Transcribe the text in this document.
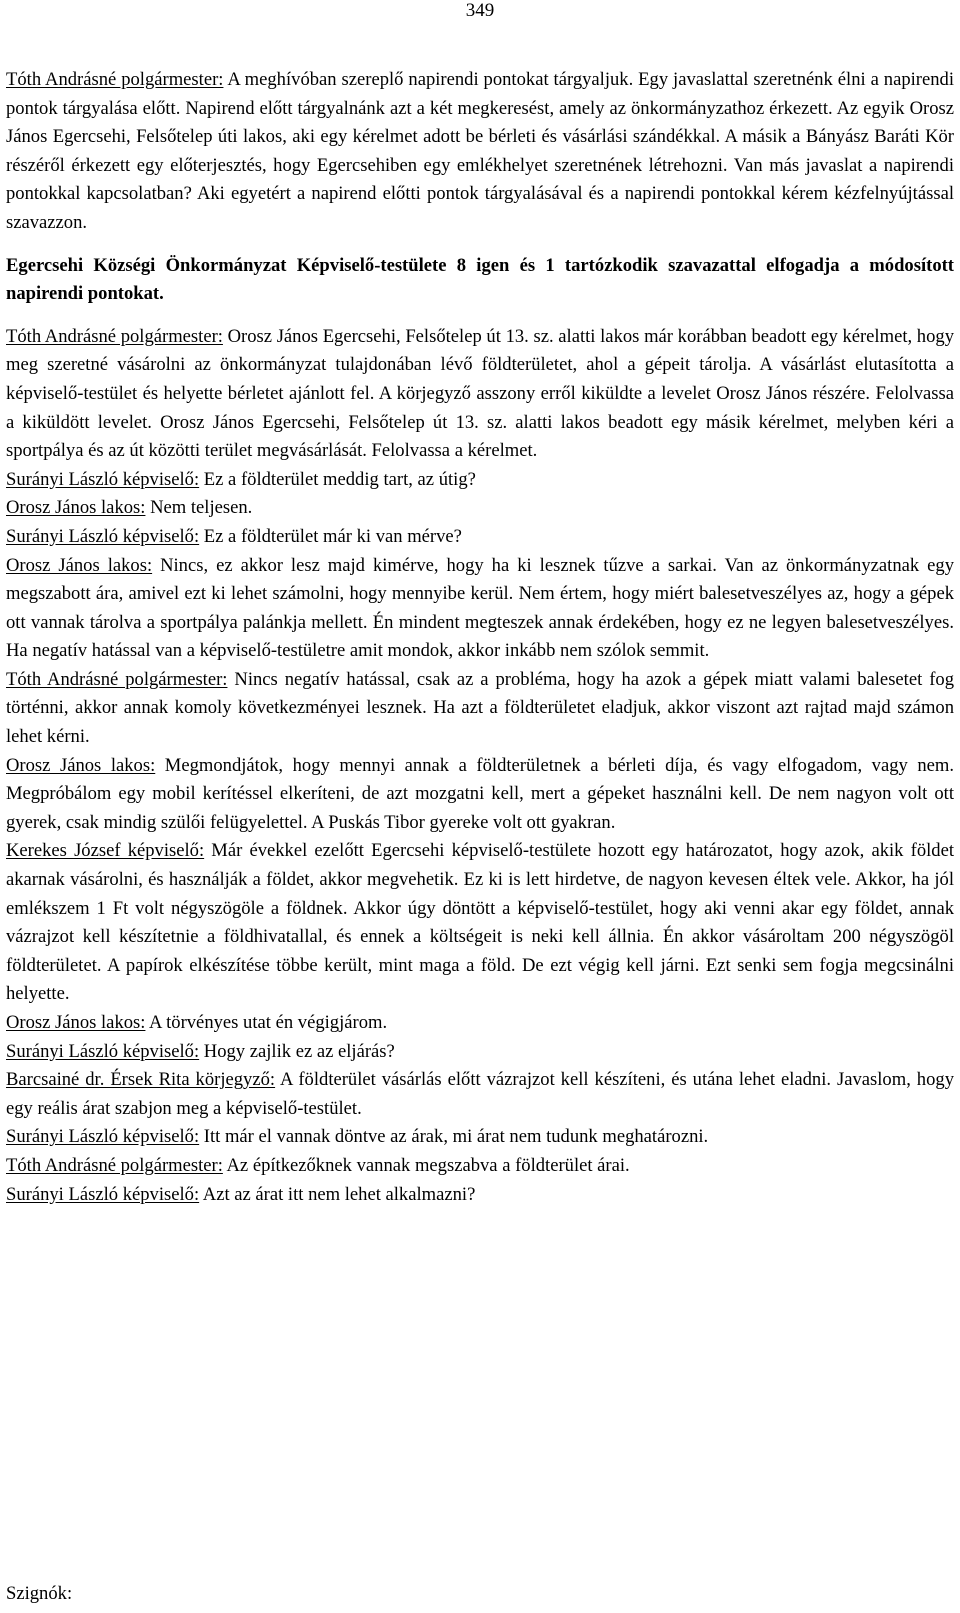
349

Tóth Andrásné polgármester: A meghívóban szereplő napirendi pontokat tárgyaljuk. Egy javaslattal szeretnénk élni a napirendi pontok tárgyalása előtt. Napirend előtt tárgyalnánk azt a két megkeresést, amely az önkormányzathoz érkezett. Az egyik Orosz János Egercsehi, Felsőtelep úti lakos, aki egy kérelmet adott be bérleti és vásárlási szándékkal. A másik a Bányász Baráti Kör részéről érkezett egy előterjesztés, hogy Egercsehiben egy emlékhelyet szeretnének létrehozni. Van más javaslat a napirendi pontokkal kapcsolatban? Aki egyetért a napirend előtti pontok tárgyalásával és a napirendi pontokkal kérem kézfelnyújtással szavazzon.

Egercsehi Községi Önkormányzat Képviselő-testülete 8 igen és 1 tartózkodik szavazattal elfogadja a módosított napirendi pontokat.

Tóth Andrásné polgármester: Orosz János Egercsehi, Felsőtelep út 13. sz. alatti lakos már korábban beadott egy kérelmet, hogy meg szeretné vásárolni az önkormányzat tulajdonában lévő földterületet, ahol a gépeit tárolja. A vásárlást elutasította a képviselő-testület és helyette bérletet ajánlott fel. A körjegyző asszony erről kiküldte a levelet Orosz János részére. Felolvassa a kiküldött levelet. Orosz János Egercsehi, Felsőtelep út 13. sz. alatti lakos beadott egy másik kérelmet, melyben kéri a sportpálya és az út közötti terület megvásárlását. Felolvassa a kérelmet.

Surányi László képviselő: Ez a földterület meddig tart, az útig?

Orosz János lakos: Nem teljesen.

Surányi László képviselő: Ez a földterület már ki van mérve?

Orosz János lakos: Nincs, ez akkor lesz majd kimérve, hogy ha ki lesznek tűzve a sarkai. Van az önkormányzatnak egy megszabott ára, amivel ezt ki lehet számolni, hogy mennyibe kerül. Nem értem, hogy miért balesetveszélyes az, hogy a gépek ott vannak tárolva a sportpálya palánkja mellett. Én mindent megteszek annak érdekében, hogy ez ne legyen balesetveszélyes. Ha negatív hatással van a képviselő-testületre amit mondok, akkor inkább nem szólok semmit.

Tóth Andrásné polgármester: Nincs negatív hatással, csak az a probléma, hogy ha azok a gépek miatt valami balesetet fog történni, akkor annak komoly következményei lesznek. Ha azt a földterületet eladjuk, akkor viszont azt rajtad majd számon lehet kérni.

Orosz János lakos: Megmondjátok, hogy mennyi annak a földterületnek a bérleti díja, és vagy elfogadom, vagy nem. Megpróbálom egy mobil kerítéssel elkeríteni, de azt mozgatni kell, mert a gépeket használni kell. De nem nagyon volt ott gyerek, csak mindig szülői felügyelettel. A Puskás Tibor gyereke volt ott gyakran.

Kerekes József képviselő: Már évekkel ezelőtt Egercsehi képviselő-testülete hozott egy határozatot, hogy azok, akik földet akarnak vásárolni, és használják a földet, akkor megvehetik. Ez ki is lett hirdetve, de nagyon kevesen éltek vele. Akkor, ha jól emlékszem 1 Ft volt négyszögöle a földnek. Akkor úgy döntött a képviselő-testület, hogy aki venni akar egy földet, annak vázrajzot kell készítetnie a földhivatallal, és ennek a költségeit is neki kell állnia. Én akkor vásároltam 200 négyszögöl földterületet. A papírok elkészítése többe került, mint maga a föld. De ezt végig kell járni. Ezt senki sem fogja megcsinálni helyette.

Orosz János lakos: A törvényes utat én végigjárom.

Surányi László képviselő: Hogy zajlik ez az eljárás?

Barcsainé dr. Érsek Rita körjegyző: A földterület vásárlás előtt vázrajzot kell készíteni, és utána lehet eladni. Javaslom, hogy egy reális árat szabjon meg a képviselő-testület.

Surányi László képviselő: Itt már el vannak döntve az árak, mi árat nem tudunk meghatározni.

Tóth Andrásné polgármester: Az építkezőknek vannak megszabva a földterület árai.

Surányi László képviselő: Azt az árat itt nem lehet alkalmazni?

Szignók:
